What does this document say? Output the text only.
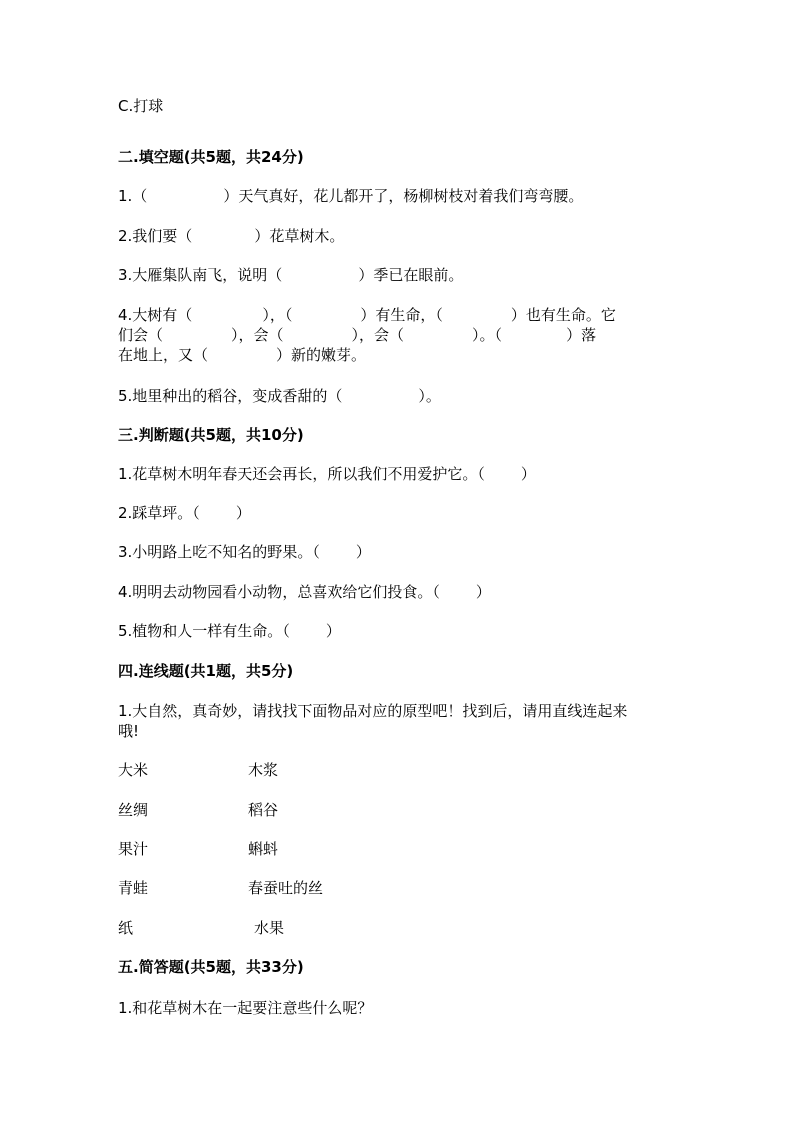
C.打球
二.填空题(共5题，共24分)
1.（	）天气真好，花儿都开了，杨柳树枝对着我们弯弯腰。
2.我们要（	）花草树木。
3.大雁集队南飞，说明（	）季已在眼前。
4.大树有（	），（	）有生命，（	）也有生命。它
们会（	），会（	），会（	）。（	）落
在地上，又（	）新的嫩芽。
5.地里种出的稻谷，变成香甜的（	）。
三.判断题(共5题，共10分)
1.花草树木明年春天还会再长，所以我们不用爱护它。（ ）
2.踩草坪。（ ）
3.小明路上吃不知名的野果。（ ）
4.明明去动物园看小动物，总喜欢给它们投食。（ ）
5.植物和人一样有生命。（ ）
四.连线题(共1题，共5分)
1.大自然，真奇妙，请找找下面物品对应的原型吧！找到后，请用直线连起来
哦!
大米	木浆
丝绸	稻谷
果汁	蝌蚪
青蛙	春蚕吐的丝
纸	水果
五.简答题(共5题，共33分)
1.和花草树木在一起要注意些什么呢？
